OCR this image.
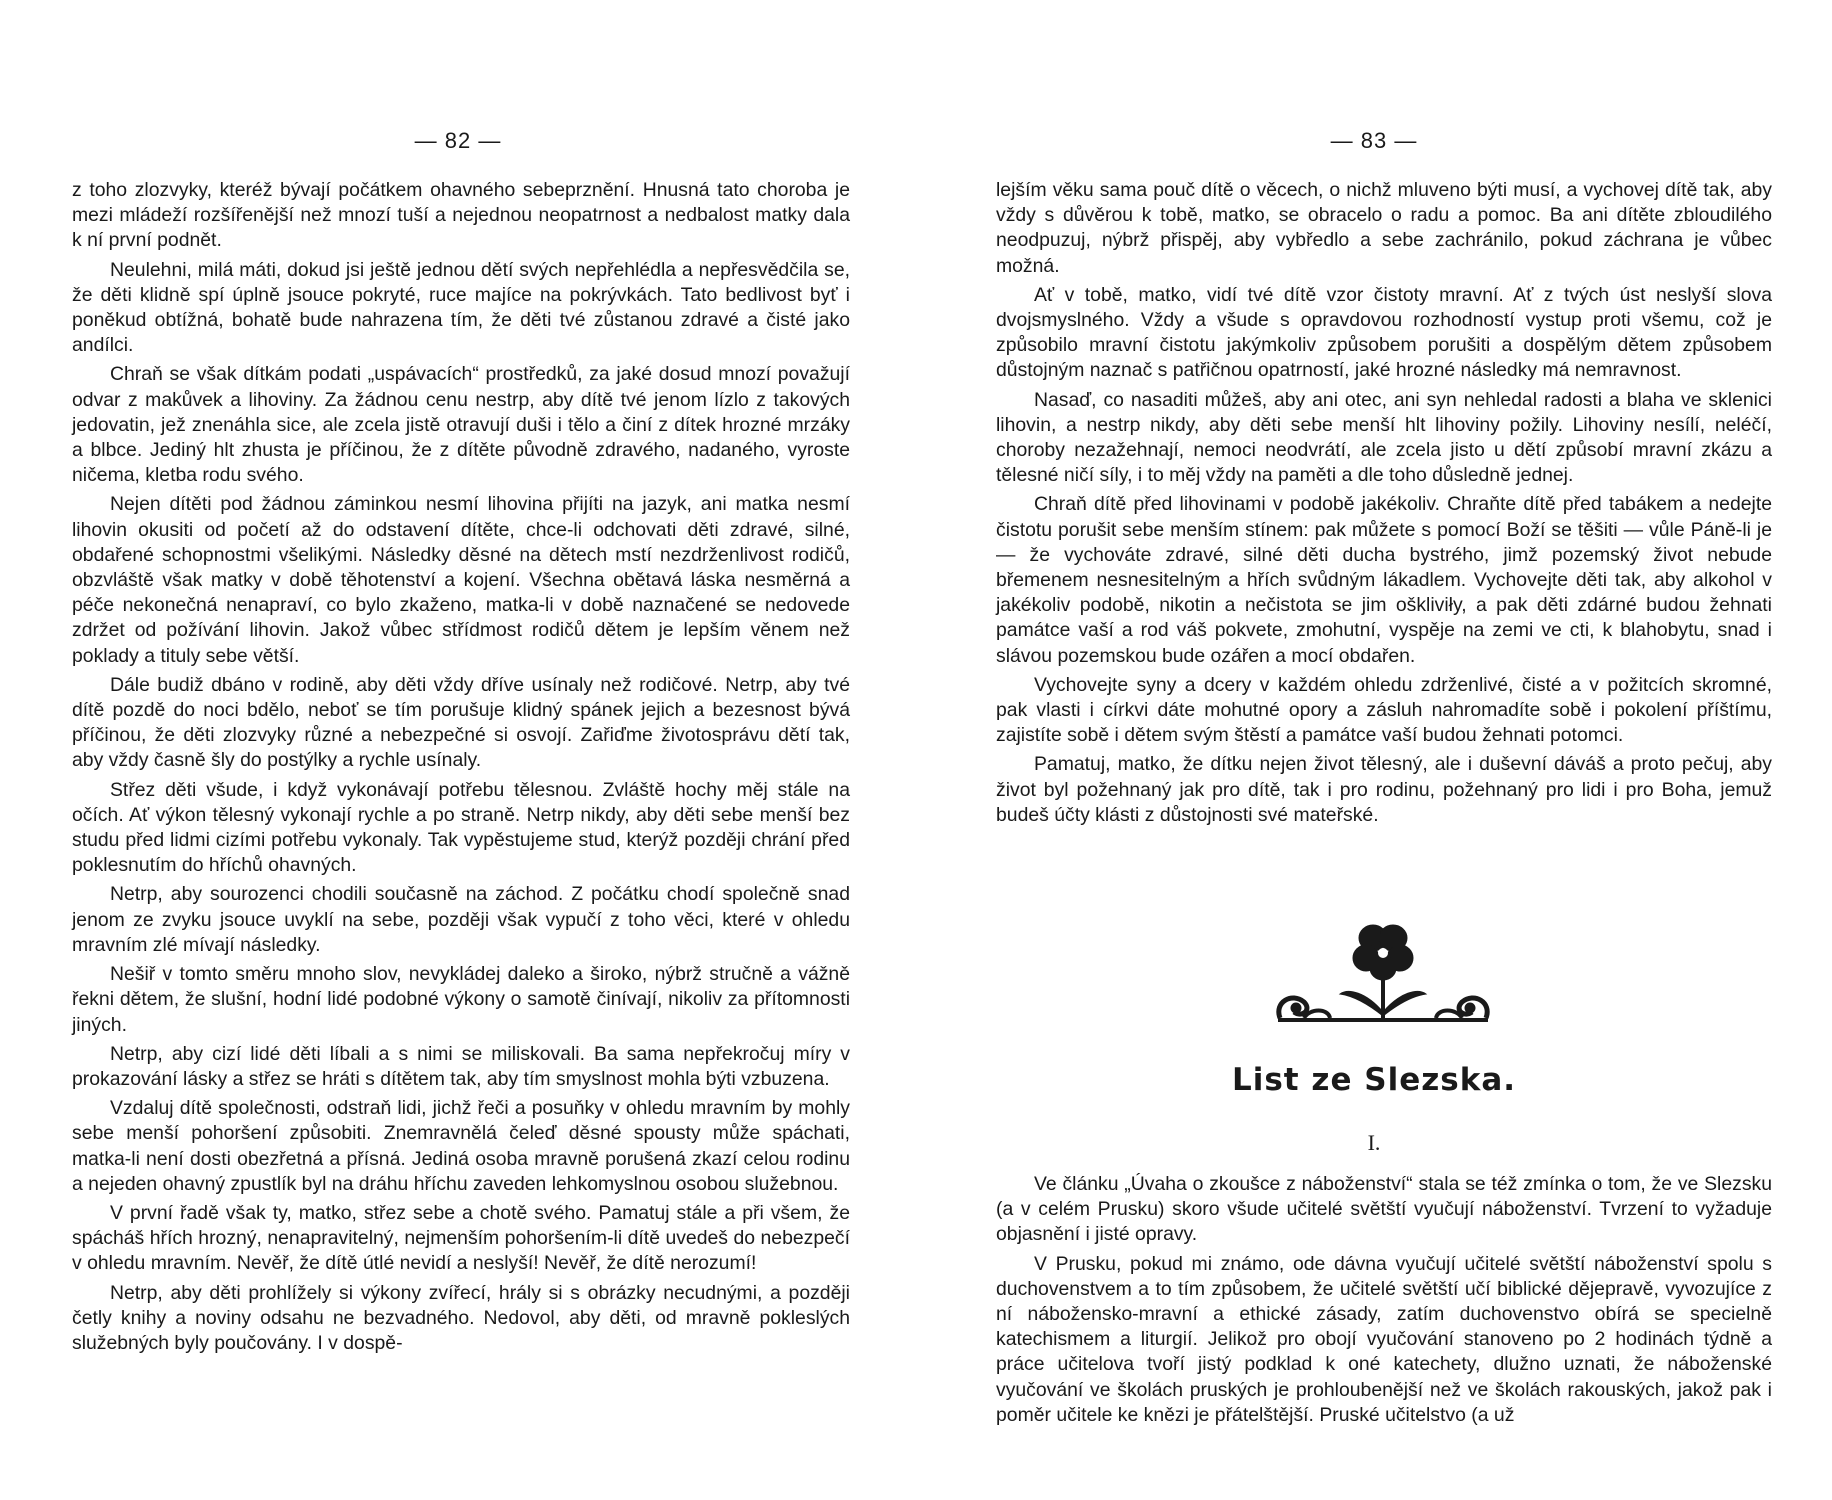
— 82 —

z toho zlozvyky, kteréž bývají počátkem ohavného sebeprznění. Hnusná tato choroba je mezi mládeží rozšířenější než mnozí tuší a nejednou neopatrnost a nedbalost matky dala k ní první podnět.

Neulehni, milá máti, dokud jsi ještě jednou dětí svých nepřehlédla a nepřesvědčila se, že děti klidně spí úplně jsouce pokryté, ruce majíce na pokrývkách. Tato bedlivost byť i poněkud obtížná, bohatě bude nahrazena tím, že děti tvé zůstanou zdravé a čisté jako andílci.

Chraň se však dítkám podati „uspávacích“ prostředků, za jaké dosud mnozí považují odvar z makůvek a lihoviny. Za žádnou cenu nestrp, aby dítě tvé jenom lízlo z takových jedovatin, jež znenáhla sice, ale zcela jistě otravují duši i tělo a činí z dítek hrozné mrzáky a blbce. Jediný hlt zhusta je příčinou, že z dítěte původně zdravého, nadaného, vyroste ničema, kletba rodu svého.

Nejen dítěti pod žádnou záminkou nesmí lihovina přijíti na jazyk, ani matka nesmí lihovin okusiti od početí až do odstavení dítěte, chce-li odchovati děti zdravé, silné, obdařené schopnostmi všelikými. Následky děsné na dětech mstí nezdrženlivost rodičů, obzvláště však matky v době těhotenství a kojení. Všechna obětavá láska nesměrná a péče nekonečná nenapraví, co bylo zkaženo, matka-li v době naznačené se nedovede zdržet od požívání lihovin. Jakož vůbec střídmost rodičů dětem je lepším věnem než poklady a tituly sebe větší.

Dále budiž dbáno v rodině, aby děti vždy dříve usínaly než rodičové. Netrp, aby tvé dítě pozdě do noci bdělo, neboť se tím porušuje klidný spánek jejich a bezesnost bývá příčinou, že děti zlozvyky různé a nebezpečné si osvojí. Zařiďme životosprávu dětí tak, aby vždy časně šly do postýlky a rychle usínaly.

Střez děti všude, i když vykonávají potřebu tělesnou. Zvláště hochy měj stále na očích. Ať výkon tělesný vykonají rychle a po straně. Netrp nikdy, aby děti sebe menší bez studu před lidmi cizími potřebu vykonaly. Tak vypěstujeme stud, kterýž později chrání před poklesnutím do hříchů ohavných.

Netrp, aby sourozenci chodili současně na záchod. Z počátku chodí společně snad jenom ze zvyku jsouce uvyklí na sebe, později však vypučí z toho věci, které v ohledu mravním zlé mívají následky.

Nešiř v tomto směru mnoho slov, nevykládej daleko a široko, nýbrž stručně a vážně řekni dětem, že slušní, hodní lidé podobné výkony o samotě činívají, nikoliv za přítomnosti jiných.

Netrp, aby cizí lidé děti líbali a s nimi se miliskovali. Ba sama nepřekročuj míry v prokazování lásky a střez se hráti s dítětem tak, aby tím smyslnost mohla býti vzbuzena.

Vzdaluj dítě společnosti, odstraň lidi, jichž řeči a posuňky v ohledu mravním by mohly sebe menší pohoršení způsobiti. Znemravnělá čeleď děsné spousty může spáchati, matka-li není dosti obezřetná a přísná. Jediná osoba mravně porušená zkazí celou rodinu a nejeden ohavný zpustlík byl na dráhu hříchu zaveden lehkomyslnou osobou služebnou.

V první řadě však ty, matko, střez sebe a chotě svého. Pamatuj stále a při všem, že spácháš hřích hrozný, nenapravitelný, nejmenším pohoršením-li dítě uvedeš do nebezpečí v ohledu mravním. Nevěř, že dítě útlé nevidí a neslyší! Nevěř, že dítě nerozumí!

Netrp, aby děti prohlížely si výkony zvířecí, hrály si s obrázky necudnými, a později četly knihy a noviny odsahu ne bezvadného. Nedovol, aby děti, od mravně pokleslých služebných byly poučovány. I v dospě-

— 83 —

lejším věku sama pouč dítě o věcech, o nichž mluveno býti musí, a vychovej dítě tak, aby vždy s důvěrou k tobě, matko, se obracelo o radu a pomoc. Ba ani dítěte zbloudilého neodpuzuj, nýbrž přispěj, aby vybředlo a sebe zachránilo, pokud záchrana je vůbec možná.

Ať v tobě, matko, vidí tvé dítě vzor čistoty mravní. Ať z tvých úst neslyší slova dvojsmyslného. Vždy a všude s opravdovou rozhodností vystup proti všemu, což je způsobilo mravní čistotu jakýmkoliv způsobem porušiti a dospělým dětem způsobem důstojným naznač s patřičnou opatrností, jaké hrozné následky má nemravnost.

Nasaď, co nasaditi můžeš, aby ani otec, ani syn nehledal radosti a blaha ve sklenici lihovin, a nestrp nikdy, aby děti sebe menší hlt lihoviny požily. Lihoviny nesílí, neléčí, choroby nezažehnají, nemoci neodvrátí, ale zcela jisto u dětí způsobí mravní zkázu a tělesné ničí síly, i to měj vždy na paměti a dle toho důsledně jednej.

Chraň dítě před lihovinami v podobě jakékoliv. Chraňte dítě před tabákem a nedejte čistotu porušit sebe menším stínem: pak můžete s pomocí Boží se těšiti — vůle Páně-li je — že vychováte zdravé, silné děti ducha bystrého, jimž pozemský život nebude břemenem nesnesitelným a hřích svůdným lákadlem. Vychovejte děti tak, aby alkohol v jakékoliv podobě, nikotin a nečistota se jim oškliviły, a pak děti zdárné budou žehnati památce vaší a rod váš pokvete, zmohutní, vyspěje na zemi ve cti, k blahobytu, snad i slávou pozemskou bude ozářen a mocí obdařen.

Vychovejte syny a dcery v každém ohledu zdrženlivé, čisté a v požitcích skromné, pak vlasti i církvi dáte mohutné opory a zásluh nahromadíte sobě i pokolení příštímu, zajistíte sobě i dětem svým štěstí a památce vaší budou žehnati potomci.

Pamatuj, matko, že dítku nejen život tělesný, ale i duševní dáváš a proto pečuj, aby život byl požehnaný jak pro dítě, tak i pro rodinu, požehnaný pro lidi i pro Boha, jemuž budeš účty klásti z důstojnosti své mateřské.

List ze Slezska.
I.

Ve článku „Úvaha o zkoušce z náboženství“ stala se též zmínka o tom, že ve Slezsku (a v celém Prusku) skoro všude učitelé světští vyučují náboženství. Tvrzení to vyžaduje objasnění i jisté opravy.

V Prusku, pokud mi známo, ode dávna vyučují učitelé světští náboženství spolu s duchovenstvem a to tím způsobem, že učitelé světští učí biblické dějepravě, vyvozujíce z ní nábožensko-mravní a ethické zásady, zatím duchovenstvo obírá se specielně katechismem a liturgií. Jelikož pro obojí vyučování stanoveno po 2 hodinách týdně a práce učitelova tvoří jistý podklad k oné katechety, dlužno uznati, že náboženské vyučování ve školách pruských je prohloubenější než ve školách rakouských, jakož pak i poměr učitele ke knězi je přátelštější. Pruské učitelstvo (a už
